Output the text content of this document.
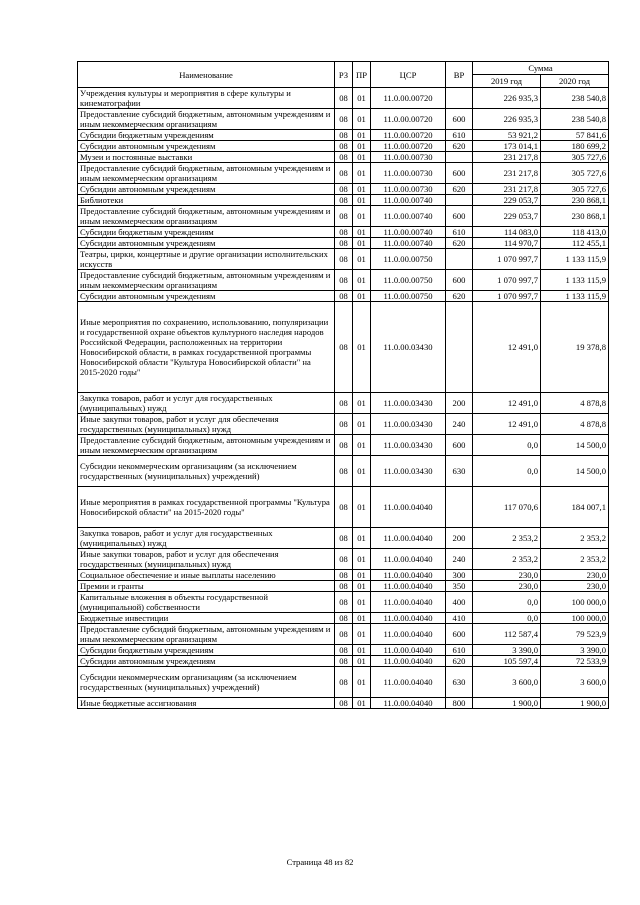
Наименование	РЗ	ПР	ЦСР	ВР	Сумма	
					2019 год	2020 год
Учреждения культуры и мероприятия в сфере культуры и кинематографии	08	01	11.0.00.00720		226 935,3	238 540,8
Предоставление субсидий бюджетным, автономным учреждениям и иным некоммерческим организациям	08	01	11.0.00.00720	600	226 935,3	238 540,8
Субсидии бюджетным учреждениям	08	01	11.0.00.00720	610	53 921,2	57 841,6
Субсидии автономным учреждениям	08	01	11.0.00.00720	620	173 014,1	180 699,2
Музеи и постоянные выставки	08	01	11.0.00.00730		231 217,8	305 727,6
Предоставление субсидий бюджетным, автономным учреждениям и иным некоммерческим организациям	08	01	11.0.00.00730	600	231 217,8	305 727,6
Субсидии автономным учреждениям	08	01	11.0.00.00730	620	231 217,8	305 727,6
Библиотеки	08	01	11.0.00.00740		229 053,7	230 868,1
Предоставление субсидий бюджетным, автономным учреждениям и иным некоммерческим организациям	08	01	11.0.00.00740	600	229 053,7	230 868,1
Субсидии бюджетным учреждениям	08	01	11.0.00.00740	610	114 083,0	118 413,0
Субсидии автономным учреждениям	08	01	11.0.00.00740	620	114 970,7	112 455,1
Театры, цирки, концертные и другие организации исполнительских искусств	08	01	11.0.00.00750		1 070 997,7	1 133 115,9
Предоставление субсидий бюджетным, автономным учреждениям и иным некоммерческим организациям	08	01	11.0.00.00750	600	1 070 997,7	1 133 115,9
Субсидии автономным учреждениям	08	01	11.0.00.00750	620	1 070 997,7	1 133 115,9
Иные мероприятия по сохранению, использованию, популяризации и государственной охране объектов культурного наследия народов Российской Федерации, расположенных на территории Новосибирской области, в рамках государственной программы Новосибирской области "Культура Новосибирской области" на 2015-2020 годы"	08	01	11.0.00.03430		12 491,0	19 378,8
Закупка товаров, работ и услуг для государственных (муниципальных) нужд	08	01	11.0.00.03430	200	12 491,0	4 878,8
Иные закупки товаров, работ и услуг для обеспечения государственных (муниципальных) нужд	08	01	11.0.00.03430	240	12 491,0	4 878,8
Предоставление субсидий бюджетным, автономным учреждениям и иным некоммерческим организациям	08	01	11.0.00.03430	600	0,0	14 500,0
Субсидии некоммерческим организациям (за исключением государственных (муниципальных) учреждений)	08	01	11.0.00.03430	630	0,0	14 500,0
Иные мероприятия в рамках государственной программы "Культура Новосибирской области" на 2015-2020 годы"	08	01	11.0.00.04040		117 070,6	184 007,1
Закупка товаров, работ и услуг для государственных (муниципальных) нужд	08	01	11.0.00.04040	200	2 353,2	2 353,2
Иные закупки товаров, работ и услуг для обеспечения государственных (муниципальных) нужд	08	01	11.0.00.04040	240	2 353,2	2 353,2
Социальное обеспечение и иные выплаты населению	08	01	11.0.00.04040	300	230,0	230,0
Премии и гранты	08	01	11.0.00.04040	350	230,0	230,0
Капитальные вложения в объекты государственной (муниципальной) собственности	08	01	11.0.00.04040	400	0,0	100 000,0
Бюджетные инвестиции	08	01	11.0.00.04040	410	0,0	100 000,0
Предоставление субсидий бюджетным, автономным учреждениям и иным некоммерческим организациям	08	01	11.0.00.04040	600	112 587,4	79 523,9
Субсидии бюджетным учреждениям	08	01	11.0.00.04040	610	3 390,0	3 390,0
Субсидии автономным учреждениям	08	01	11.0.00.04040	620	105 597,4	72 533,9
Субсидии некоммерческим организациям (за исключением государственных (муниципальных) учреждений)	08	01	11.0.00.04040	630	3 600,0	3 600,0
Иные бюджетные ассигнования	08	01	11.0.00.04040	800	1 900,0	1 900,0
Страница 48 из 82
